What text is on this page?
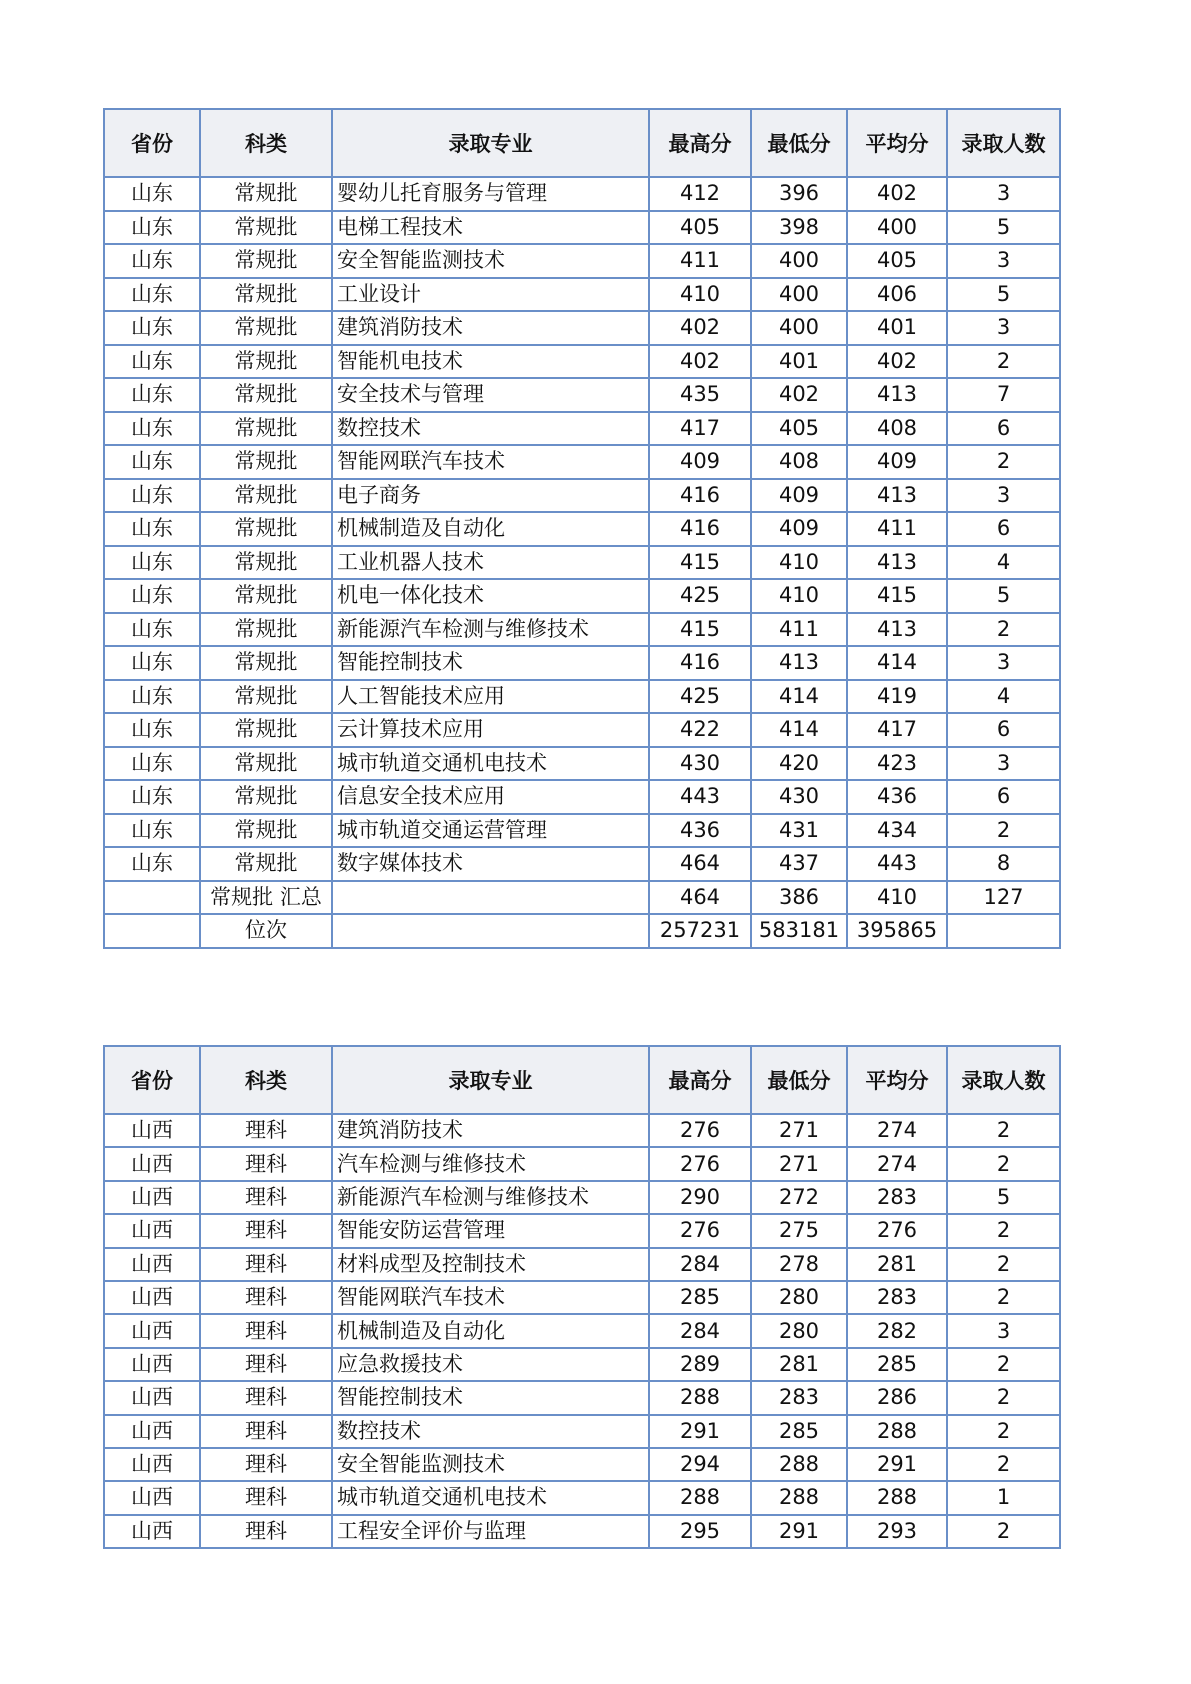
省份	科类	录取专业	最高分	最低分	平均分	录取人数
山东	常规批	婴幼儿托育服务与管理	412	396	402	3
山东	常规批	电梯工程技术	405	398	400	5
山东	常规批	安全智能监测技术	411	400	405	3
山东	常规批	工业设计	410	400	406	5
山东	常规批	建筑消防技术	402	400	401	3
山东	常规批	智能机电技术	402	401	402	2
山东	常规批	安全技术与管理	435	402	413	7
山东	常规批	数控技术	417	405	408	6
山东	常规批	智能网联汽车技术	409	408	409	2
山东	常规批	电子商务	416	409	413	3
山东	常规批	机械制造及自动化	416	409	411	6
山东	常规批	工业机器人技术	415	410	413	4
山东	常规批	机电一体化技术	425	410	415	5
山东	常规批	新能源汽车检测与维修技术	415	411	413	2
山东	常规批	智能控制技术	416	413	414	3
山东	常规批	人工智能技术应用	425	414	419	4
山东	常规批	云计算技术应用	422	414	417	6
山东	常规批	城市轨道交通机电技术	430	420	423	3
山东	常规批	信息安全技术应用	443	430	436	6
山东	常规批	城市轨道交通运营管理	436	431	434	2
山东	常规批	数字媒体技术	464	437	443	8
	常规批 汇总		464	386	410	127
	位次		257231	583181	395865	
省份	科类	录取专业	最高分	最低分	平均分	录取人数
山西	理科	建筑消防技术	276	271	274	2
山西	理科	汽车检测与维修技术	276	271	274	2
山西	理科	新能源汽车检测与维修技术	290	272	283	5
山西	理科	智能安防运营管理	276	275	276	2
山西	理科	材料成型及控制技术	284	278	281	2
山西	理科	智能网联汽车技术	285	280	283	2
山西	理科	机械制造及自动化	284	280	282	3
山西	理科	应急救援技术	289	281	285	2
山西	理科	智能控制技术	288	283	286	2
山西	理科	数控技术	291	285	288	2
山西	理科	安全智能监测技术	294	288	291	2
山西	理科	城市轨道交通机电技术	288	288	288	1
山西	理科	工程安全评价与监理	295	291	293	2
